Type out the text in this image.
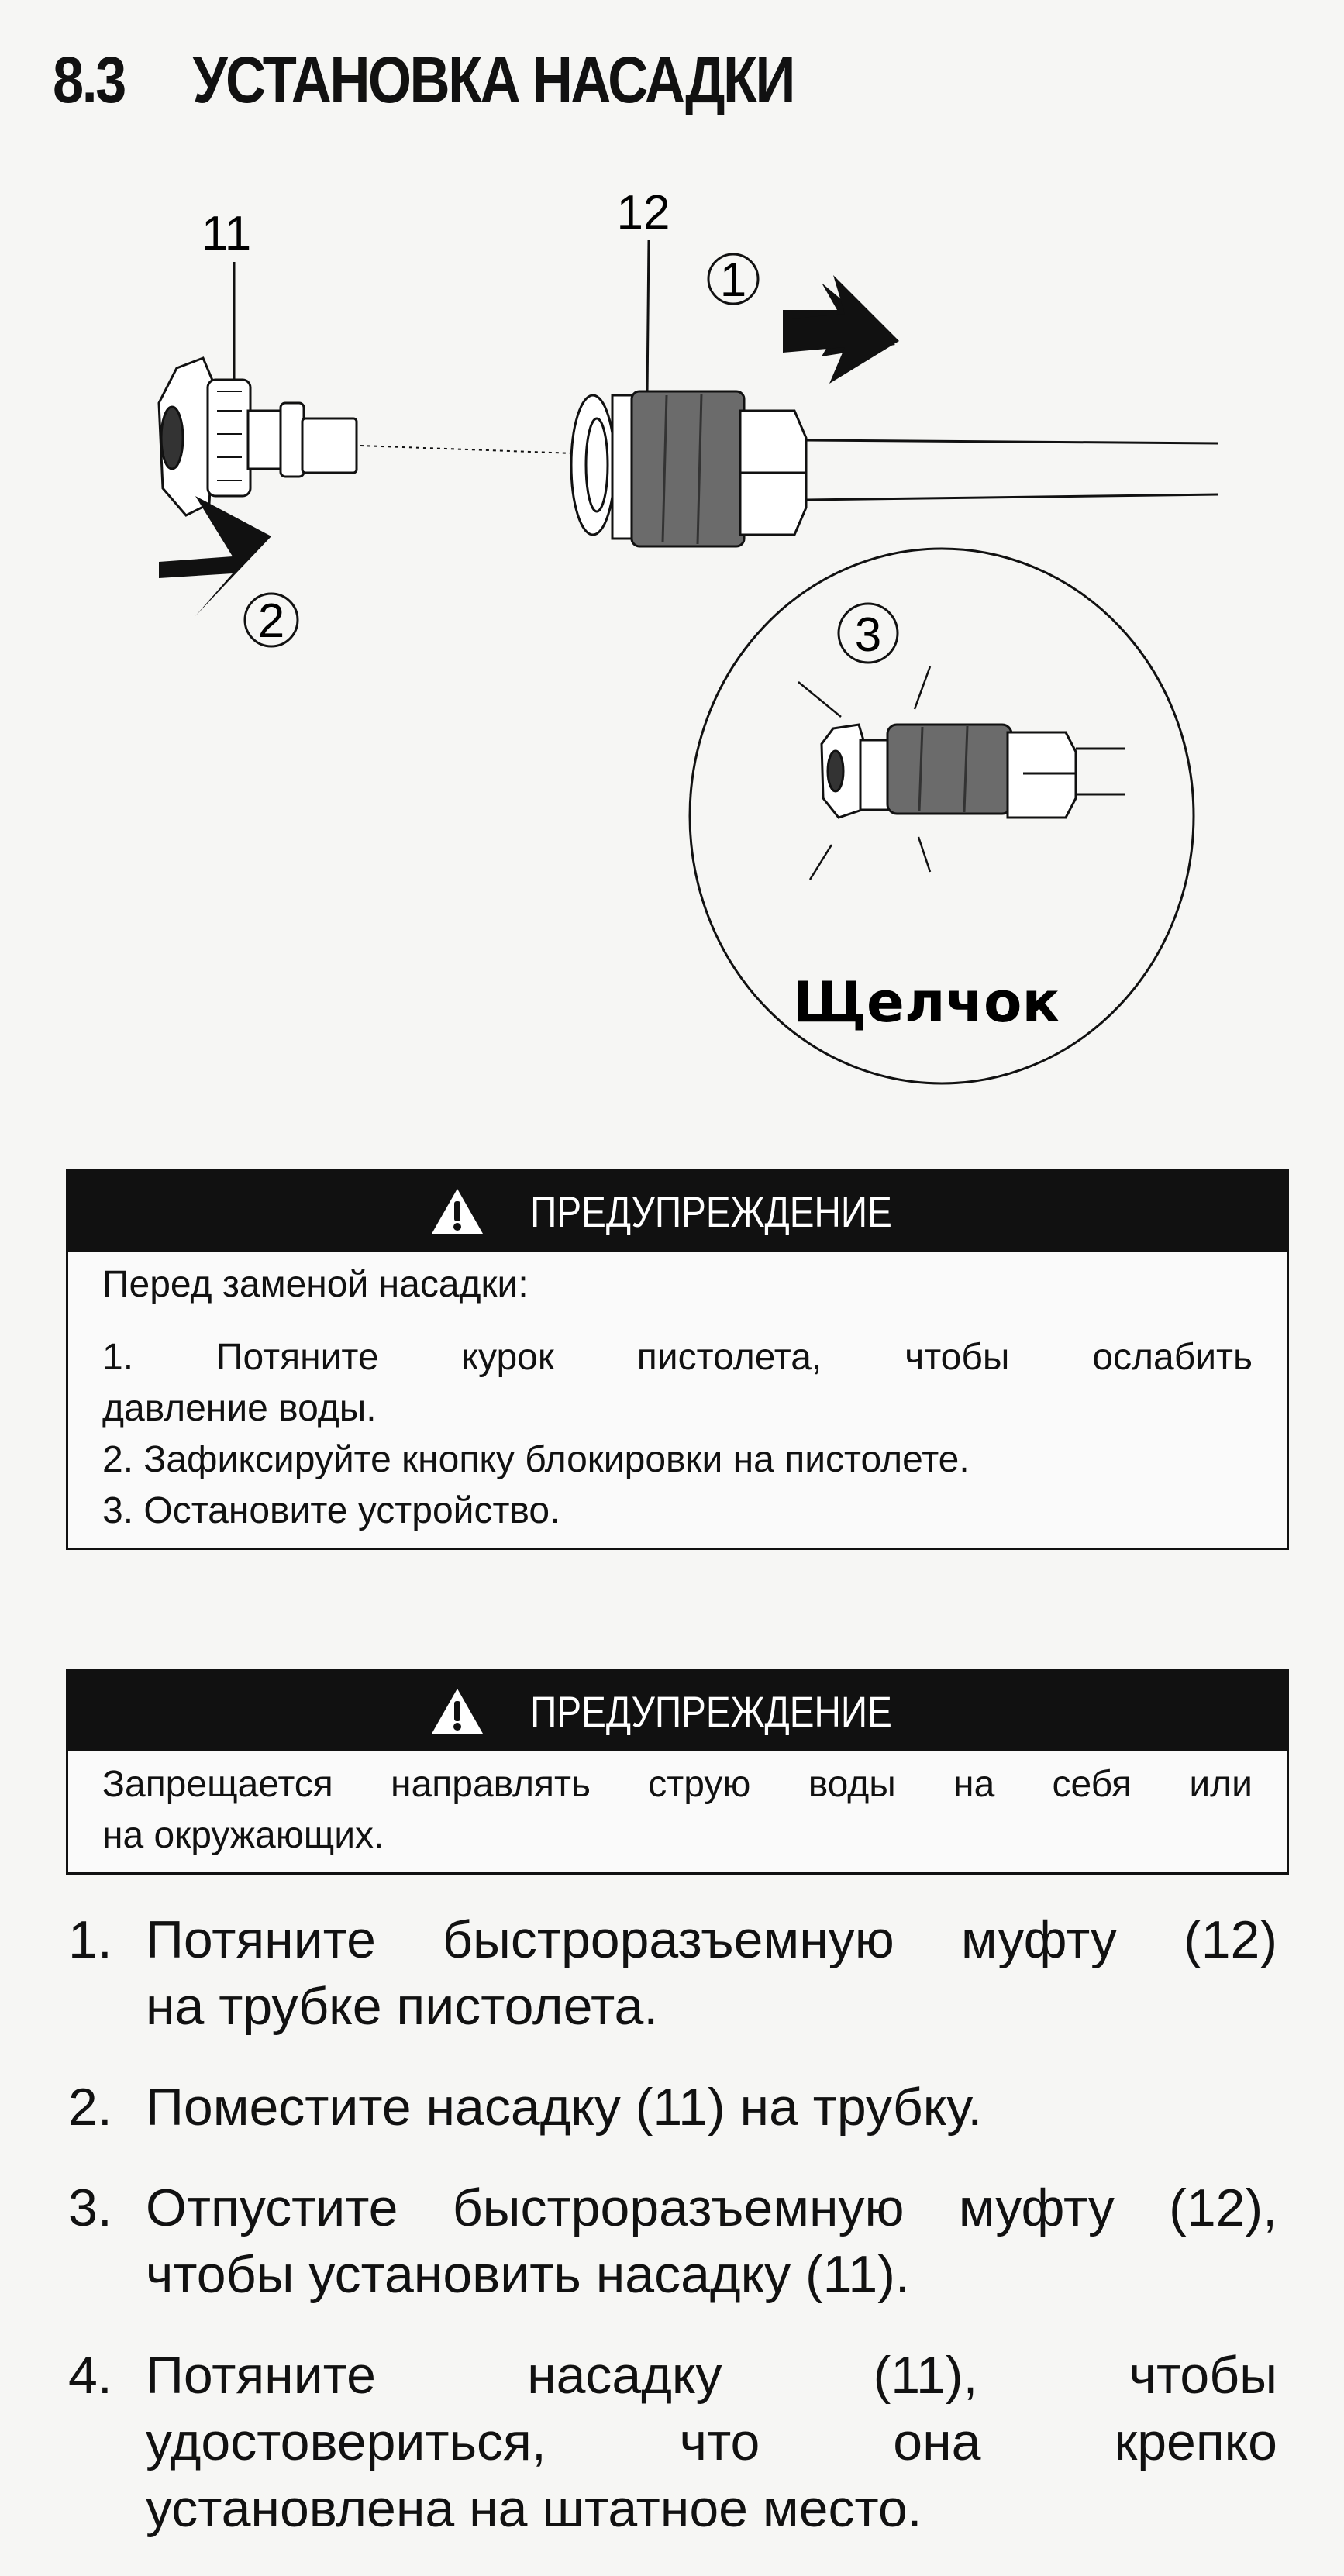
8.3 УСТАНОВКА НАСАДКИ
11	12
1
2	3
Щелчок
ПРЕДУПРЕЖДЕНИЕ
Перед заменой насадки:
1. Потяните курок пистолета, чтобы ослабить
давление воды.
2. Зафиксируйте кнопку блокировки на пистолете.
3. Остановите устройство.
ПРЕДУПРЕЖДЕНИЕ
Запрещается направлять струю воды на себя или
на окружающих.
1. Потяните быстроразъемную муфту (12)
на трубке пистолета.
2. Поместите насадку (11) на трубку.
3. Отпустите быстроразъемную муфту (12),
чтобы установить насадку (11).
4. Потяните насадку (11), чтобы
удостовериться, что она крепко
установлена на штатное место.
